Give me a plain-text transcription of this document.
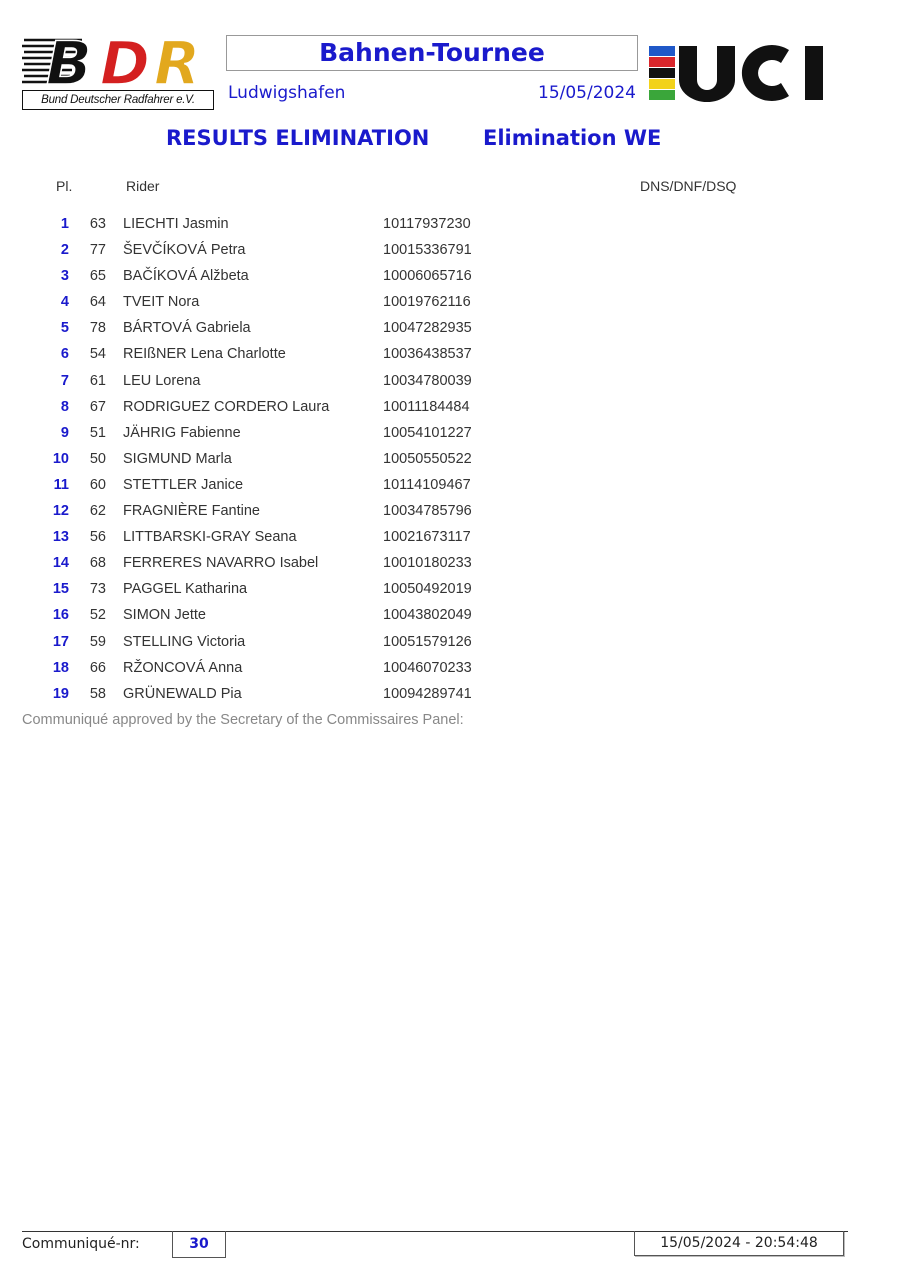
B D R
Bund Deutscher Radfahrer e.V.
Bahnen-Tournee
Ludwigshafen	15/05/2024
RESULTS ELIMINATION	Elimination WE
Pl.	Rider	DNS/DNF/DSQ
1	63 LIECHTI Jasmin	10117937230
2	77 ŠEVČÍKOVÁ Petra	10015336791
3	65 BAČÍKOVÁ Alžbeta	10006065716
4	64 TVEIT Nora	10019762116
5	78 BÁRTOVÁ Gabriela	10047282935
6	54 REIßNER Lena Charlotte	10036438537
7	61 LEU Lorena	10034780039
8	67 RODRIGUEZ CORDERO Laura	10011184484
9	51 JÄHRIG Fabienne	10054101227
10	50 SIGMUND Marla	10050550522
11	60 STETTLER Janice	10114109467
12	62 FRAGNIÈRE Fantine	10034785796
13	56 LITTBARSKI-GRAY Seana	10021673117
14	68 FERRERES NAVARRO Isabel	10010180233
15	73 PAGGEL Katharina	10050492019
16	52 SIMON Jette	10043802049
17	59 STELLING Victoria	10051579126
18	66 RŽONCOVÁ Anna	10046070233
19	58 GRÜNEWALD Pia	10094289741
Communiqué approved by the Secretary of the Commissaires Panel:
Communiqué-nr:	30	15/05/2024 - 20:54:48
